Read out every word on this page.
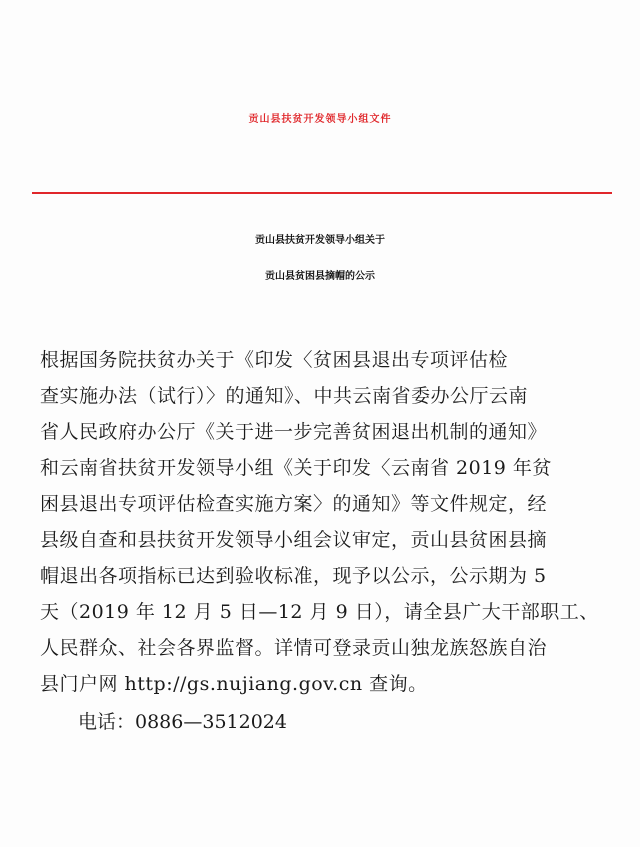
贡山县扶贫开发领导小组文件
贡山县扶贫开发领导小组关于
贡山县贫困县摘帽的公示
根据国务院扶贫办关于《印发〈贫困县退出专项评估检
查实施办法（试行）〉的通知》、中共云南省委办公厅云南
省人民政府办公厅《关于进一步完善贫困退出机制的通知》
和云南省扶贫开发领导小组《关于印发〈云南省 2019 年贫
困县退出专项评估检查实施方案〉的通知》等文件规定，经
县级自查和县扶贫开发领导小组会议审定，贡山县贫困县摘
帽退出各项指标已达到验收标准，现予以公示，公示期为 5
天（2019 年 12 月 5 日—12 月 9 日），请全县广大干部职工、
人民群众、社会各界监督。详情可登录贡山独龙族怒族自治
县门户网 http://gs.nujiang.gov.cn 查询。
电话：0886—3512024
